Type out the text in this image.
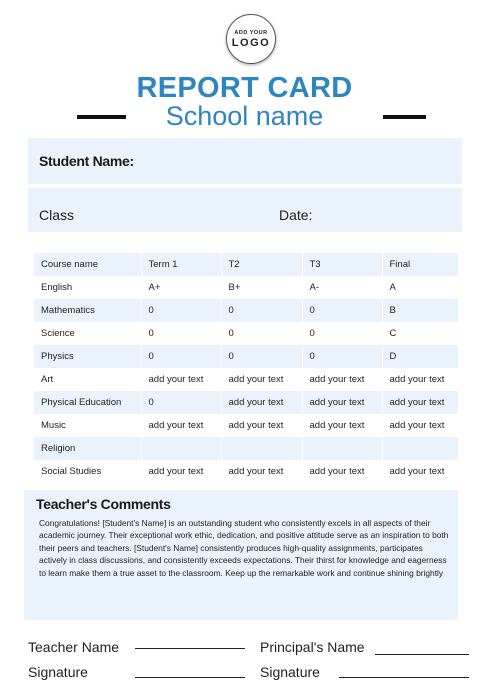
ADD YOUR
LOGO
REPORT CARD
School name
Student Name:
Class	Date:
Course name	Term 1	T2	T3	Final
English	A+	B+	A-	A
Mathematics	0	0	0	B
Science	0	0	0	C
Physics	0	0	0	D
Art	add your text	add your text	add your text	add your text
Physical Education	0	add your text	add your text	add your text
Music	add your text	add your text	add your text	add your text
Religion				
Social Studies	add your text	add your text	add your text	add your text
Teacher's Comments
Congratulations! [Student's Name] is an outstanding student who consistently excels in all aspects of their academic journey. Their exceptional work ethic, dedication, and positive attitude serve as an inspiration to both their peers and teachers. [Student's Name] consistently produces high-quality assignments, participates actively in class discussions, and consistently exceeds expectations. Their thirst for knowledge and eagerness to learn make them a true asset to the classroom. Keep up the remarkable work and continue shining brightly
Teacher Name	Principal's Name
Signature	Signature
